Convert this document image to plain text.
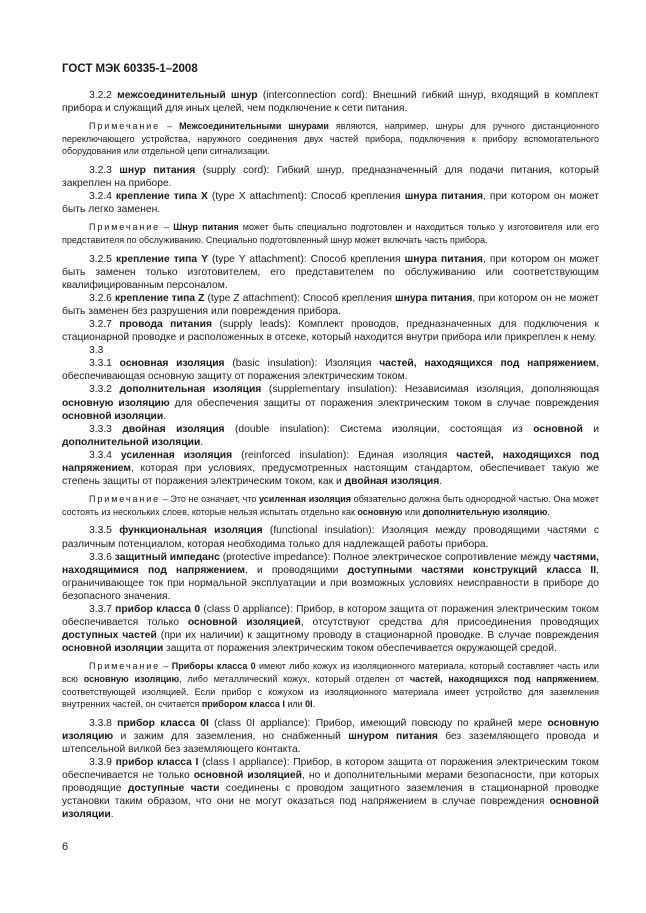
ГОСТ МЭК 60335-1–2008

3.2.2 межсоединительный шнур (interconnection cord): Внешний гибкий шнур, входящий в комплект прибора и служащий для иных целей, чем подключение к сети питания.

Примечание – Межсоединительными шнурами являются, например, шнуры для ручного дистанционного переключающего устройства, наружного соединения двух частей прибора, подключения к прибору вспомогательного оборудования или отдельной цепи сигнализации.

3.2.3 шнур питания (supply cord): Гибкий шнур, предназначенный для подачи питания, который закреплен на приборе.

3.2.4 крепление типа X (type X attachment): Способ крепления шнура питания, при котором он может быть легко заменен.

Примечание – Шнур питания может быть специально подготовлен и находиться только у изготовителя или его представителя по обслуживанию. Специально подготовленный шнур может включать часть прибора.

3.2.5 крепление типа Y (type Y attachment): Способ крепления шнура питания, при котором он может быть заменен только изготовителем, его представителем по обслуживанию или соответствующим квалифицированным персоналом.

3.2.6 крепление типа Z (type Z attachment): Способ крепления шнура питания, при котором он не может быть заменен без разрушения или повреждения прибора.

3.2.7 провода питания (supply leads): Комплект проводов, предназначенных для подключения к стационарной проводке и расположенных в отсеке, который находится внутри прибора или прикреплен к нему.

3.3

3.3.1 основная изоляция (basic insulation): Изоляция частей, находящихся под напряжением, обеспечивающая основную защиту от поражения электрическим током.

3.3.2 дополнительная изоляция (supplementary insulation): Независимая изоляция, дополняющая основную изоляцию для обеспечения защиты от поражения электрическим током в случае повреждения основной изоляции.

3.3.3 двойная изоляция (double insulation): Система изоляции, состоящая из основной и дополнительной изоляции.

3.3.4 усиленная изоляция (reinforced insulation): Единая изоляция частей, находящихся под напряжением, которая при условиях, предусмотренных настоящим стандартом, обеспечивает такую же степень защиты от поражения электрическим током, как и двойная изоляция.

Примечание – Это не означает, что усиленная изоляция обязательно должна быть однородной частью. Она может состоять из нескольких слоев, которые нельзя испытать отдельно как основную или дополнительную изоляцию.

3.3.5 функциональная изоляция (functional insulation): Изоляция между проводящими частями с различным потенциалом, которая необходима только для надлежащей работы прибора.

3.3.6 защитный импеданс (protective impedance): Полное электрическое сопротивление между частями, находящимися под напряжением, и проводящими доступными частями конструкций класса II, ограничивающее ток при нормальной эксплуатации и при возможных условиях неисправности в приборе до безопасного значения.

3.3.7 прибор класса 0 (class 0 appliance): Прибор, в котором защита от поражения электрическим током обеспечивается только основной изоляцией, отсутствуют средства для присоединения проводящих доступных частей (при их наличии) к защитному проводу в стационарной проводке. В случае повреждения основной изоляции защита от поражения электрическим током обеспечивается окружающей средой.

Примечание – Приборы класса 0 имеют либо кожух из изоляционного материала, который составляет часть или всю основную изоляцию, либо металлический кожух, который отделен от частей, находящихся под напряжением, соответствующей изоляцией. Если прибор с кожухом из изоляционного материала имеет устройство для заземления внутренних частей, он считается прибором класса I или 0I.

3.3.8 прибор класса 0I (class 0I appliance): Прибор, имеющий повсюду по крайней мере основную изоляцию и зажим для заземления, но снабженный шнуром питания без заземляющего провода и штепсельной вилкой без заземляющего контакта.

3.3.9 прибор класса I (class I appliance): Прибор, в котором защита от поражения электрическим током обеспечивается не только основной изоляцией, но и дополнительными мерами безопасности, при которых проводящие доступные части соединены с проводом защитного заземления в стационарной проводке установки таким образом, что они не могут оказаться под напряжением в случае повреждения основной изоляции.

6
